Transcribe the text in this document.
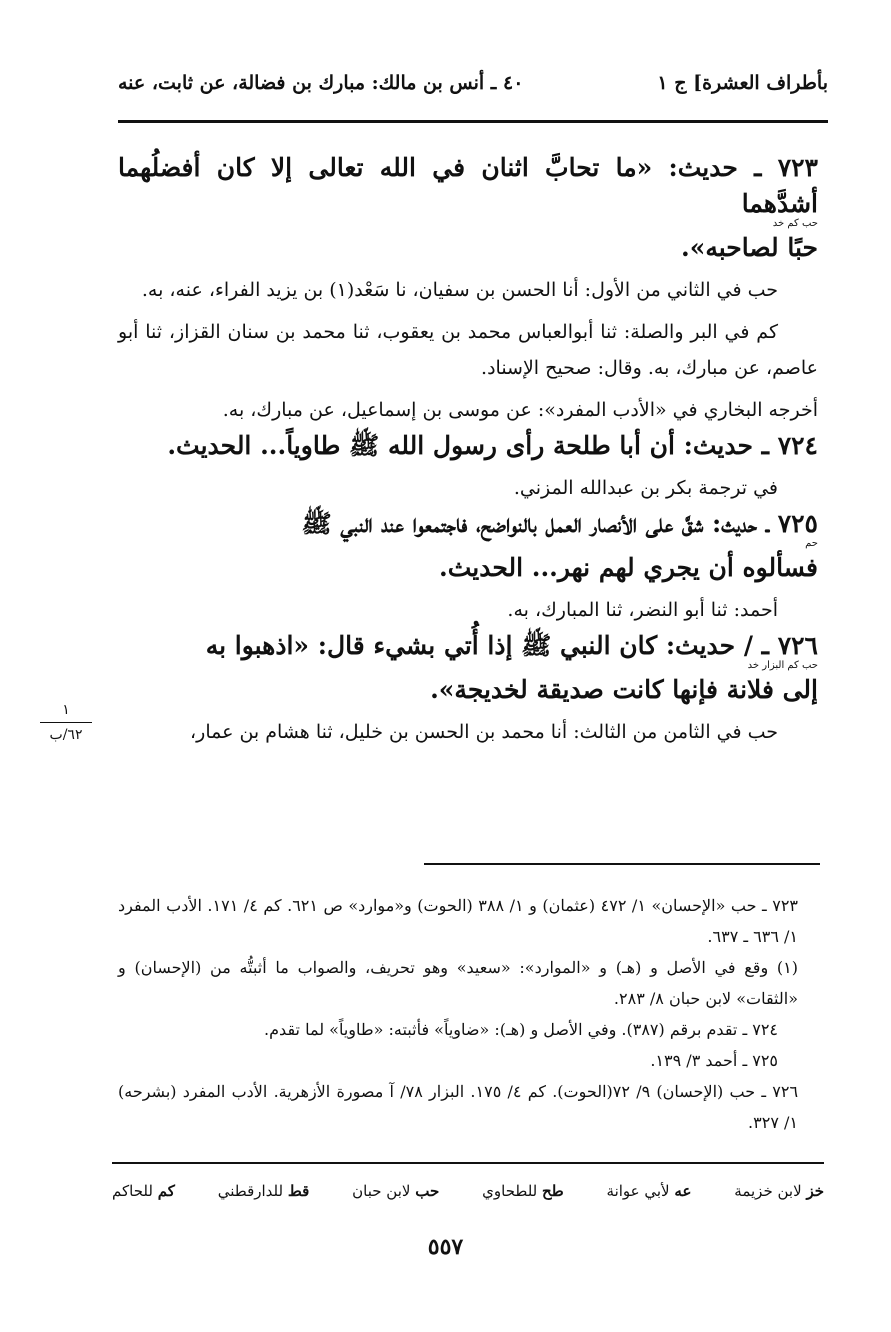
بأطراف العشرة] ج ١
٤٠ ـ أنس بن مالك: مبارك بن فضالة، عن ثابت، عنه

٧٢٣ ـ حديث: «ما تحابَّ اثنان في الله تعالى إلا كان أفضلُهما أشدَّهما
حب كم خد

حبًا لصاحبه».

حب في الثاني من الأول: أنا الحسن بن سفيان، نا سَعْد(١) بن يزيد الفراء، عنه، به.

كم في البر والصلة: ثنا أبوالعباس محمد بن يعقوب، ثنا محمد بن سنان القزاز، ثنا أبو عاصم، عن مبارك، به. وقال: صحيح الإسناد.

أخرجه البخاري في «الأدب المفرد»: عن موسى بن إسماعيل، عن مبارك، به.

٧٢٤ ـ حديث: أن أبا طلحة رأى رسول الله ﷺ طاوياً... الحديث.

في ترجمة بكر بن عبدالله المزني.

٧٢٥ ـ حديث: شقَّ على الأنصار العمل بالنواضح، فاجتمعوا عند النبي ﷺ
حم

فسألوه أن يجري لهم نهر... الحديث.

أحمد: ثنا أبو النضر، ثنا المبارك، به.

٧٢٦ ـ / حديث: كان النبي ﷺ إذا أُتي بشيء قال: «اذهبوا به
حب كم البزار خد

إلى فلانة فإنها كانت صديقة لخديجة».

حب في الثامن من الثالث: أنا محمد بن الحسن بن خليل، ثنا هشام بن عمار،

١
٦٢/ب

٧٢٣ ـ حب «الإحسان» ١/ ٤٧٢ (عثمان) و ١/ ٣٨٨ (الحوت) و«موارد» ص ٦٢١. كم ٤/ ١٧١. الأدب المفرد ١/ ٦٣٦ ـ ٦٣٧.

(١) وقع في الأصل و (هـ) و «الموارد»: «سعيد» وهو تحريف، والصواب ما أثبتُّه من (الإحسان) و «الثقات» لابن حبان ٨/ ٢٨٣.

٧٢٤ ـ تقدم برقم (٣٨٧). وفي الأصل و (هـ): «ضاوياً» فأثبته: «طاوياً» لما تقدم.

٧٢٥ ـ أحمد ٣/ ١٣٩.

٧٢٦ ـ حب (الإحسان) ٩/ ٧٢(الحوت). كم ٤/ ١٧٥. البزار ٧٨/ آ مصورة الأزهرية. الأدب المفرد (بشرحه) ١/ ٣٢٧.

خز لابن خزيمة
عه لأبي عوانة
طح للطحاوي
حب لابن حبان
قط للدارقطني
كم للحاكم
٥٥٧
